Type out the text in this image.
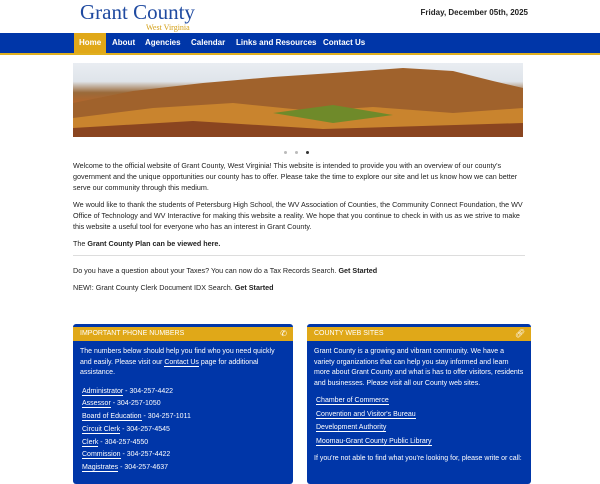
Grant County
West Virginia
Friday, December 05th, 2025
Home	About	Agencies	Calendar	Links and Resources Contact Us

Welcome to the official website of Grant County, West Virginia! This website is intended to provide you with an overview of our county's government and the unique opportunities our county has to offer. Please take the time to explore our site and let us know how we can better serve our community through this medium.

We would like to thank the students of Petersburg High School, the WV Association of Counties, the Community Connect Foundation, the WV Office of Technology and WV Interactive for making this website a reality. We hope that you continue to check in with us as we strive to make this website a useful tool for everyone who has an interest in Grant County.

The Grant County Plan can be viewed here.

Do you have a question about your Taxes? You can now do a Tax Records Search. Get Started

NEW!: Grant County Clerk Document IDX Search. Get Started

IMPORTANT PHONE NUMBERS	✆

The numbers below should help you find who you need quickly and easily. Please visit our Contact Us page for additional assistance.

Administrator - 304-257-4422
Assessor - 304-257-1050
Board of Education - 304-257-1011
Circuit Clerk - 304-257-4545
Clerk - 304-257-4550
Commission - 304-257-4422
Magistrates - 304-257-4637
COUNTY WEB SITES	🔗︎

Grant County is a growing and vibrant community. We have a variety organizations that can help you stay informed and learn more about Grant County and what is has to offer visitors, residents and businesses. Please visit all our County web sites.

Chamber of Commerce
Convention and Visitor's Bureau
Development Authority
Moomau-Grant County Public Library

If you're not able to find what you're looking for, please write or call:
